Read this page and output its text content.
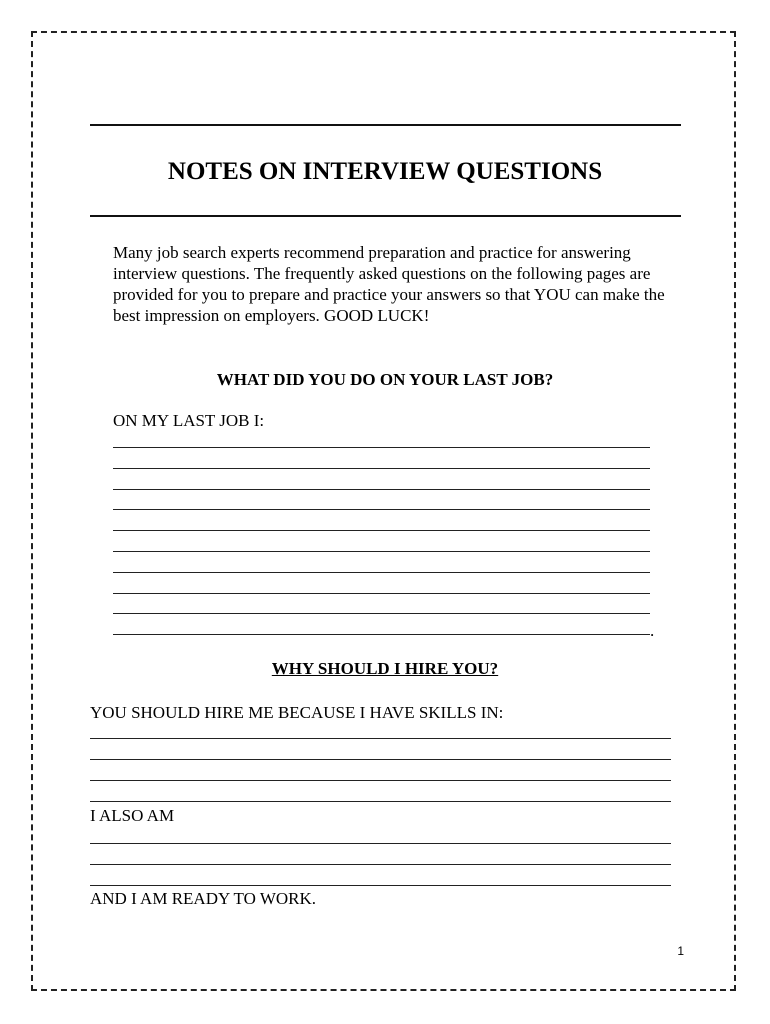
NOTES ON INTERVIEW QUESTIONS

Many job search experts recommend preparation and practice for answering interview questions. The frequently asked questions on the following pages are provided for you to prepare and practice your answers so that YOU can make the best impression on employers. GOOD LUCK!

WHAT DID YOU DO ON YOUR LAST JOB?
ON MY LAST JOB I:
.
WHY SHOULD I HIRE YOU?
YOU SHOULD HIRE ME BECAUSE I HAVE SKILLS IN:
I ALSO AM
AND I AM READY TO WORK.
1
